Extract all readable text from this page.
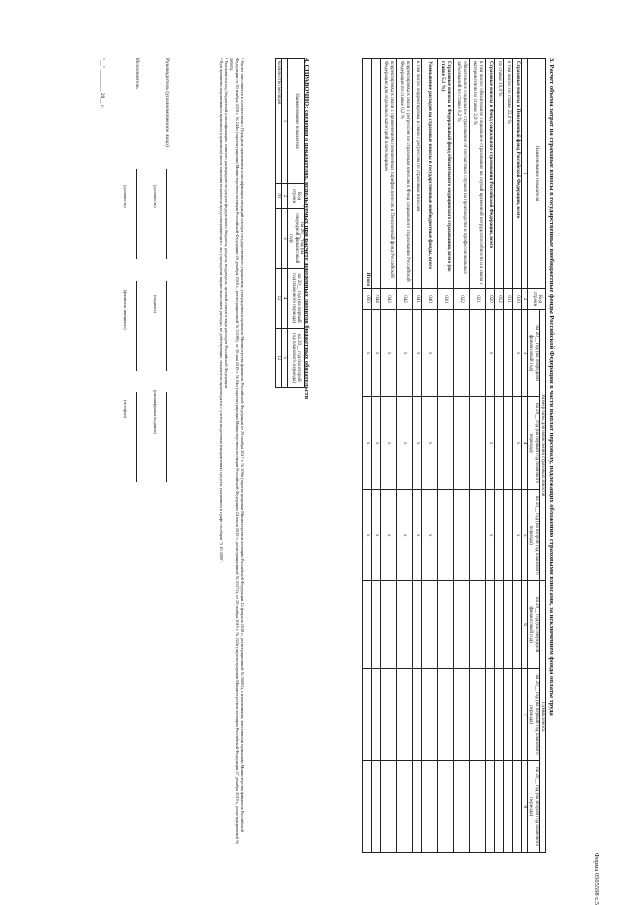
Форма 0505598 с.5
3. Расчет объема затрат на страховые взносы в государственные внебюджетные фонды Российской Федерации в части выплат персоналу, подлежащих обложению страховыми взносами, за исключением фонда оплаты труда
Наименование показателя	Код строки	Размер базы для начисления страховых взносов			Сумма взноса		
		на 20__ год (на очередной финансовый год)	на 20__ год (на первый год планового периода)	на 20__ год (на второй год планового периода)	на 20__ год (на очередной финансовый год)	на 20__ год (на первый год планового периода)	на 20__ год (на второй год планового периода)
1	2	3	4	5	6	7	8
Страховые взносы в Пенсионный фонд Российской Федерации, всего	010	x	x	x			
в том числе: по ставке 22,0 %	011						
по ставке 10,0 %	012						
Страховые взносы в Фонд социального страхования Российской Федерации, всего	020	x	x	x			
в том числе: обязательное социальное страхование на случай временной нетрудоспособности и в связи с материнством по ставке 2,9 %	021						
обязательное социальное страхование от несчастных случаев на производстве и профессиональных заболеваний по ставке 0,2 %	022						
Страховые взносы в Федеральный фонд обязательного медицинского страхования, всего (по ставке 5,1 %)	030						
Уменьшение расходов на страховые взносы в государственные внебюджетные фонды, всего	040	x	x	x			
в том числе: корректировка в связи с регрессом по страховым взносам	041	x	x	x			
корректировка в связи с регрессом по страховым взносам в Фонд социального страхования Российской Федерации по ставке 0,2 %	042	x	x	x			
корректировка в связи с применением пониженных тарифов взносов в Пенсионный фонд Российской Федерации для отдельных категорий плательщиков	043	x	x	x			
	044	x	x	x			
Итого	050	x	x	x			
4. СПРАВОЧНО: сведения о показателях, используемых при расчете доведенных лимитов бюджетных обязательств
Наименование показателя	Код строки	на 20__ год (на очередной финансовый год)	на 20__ год (на первый год планового периода)	на 20__ год (на второй год планового периода)
1	2	3	4	5
Количество месяцев	01		12	12
¹ Расчет заполняется в соответствии с Порядком применения классификации операций сектора государственного управления, утвержденным приказом Министерства финансов Российской Федерации от 29 ноября 2017 г. № 209н (зарегистрирован Министерством юстиции Российской Федерации 12 февраля 2018 г., регистрационный № 50003), с изменениями, внесенными приказами Министерства финансов Российской Федерации от 30 ноября 2018 г. № 244н (зарегистрирован Министерством юстиции Российской Федерации 26 декабря 2018 г., регистрационный № 53188), от 30 мая 2019 г. № 84н (зарегистрирован Министерством юстиции Российской Федерации 24 июля 2019 г., регистрационный № 55372), от 29 ноября 2019 г. № 222н (зарегистрирован Министерством юстиции Российской Федерации 27 декабря 2019 г., регистрационный № 56985).
² Указывается код бюджетной классификации: главного распорядителя средств федерального бюджета, раздела, подраздела, целевой статьи и вида расходов Российской Федерации.
³ При принятии нормативным правовым (правовым) актом значения показателя предусматривающего, что учреждение вправе выполнять расходы, не действующие, показатели производятся с учетом выделения (направления) средств, указанным в графе столбцов "5 10 2009".
Руководитель (уполномоченное лицо)
(должность)
(подпись)
(расшифровка подписи)
Исполнитель
(должность)
(фамилия, инициалы)
(телефон)
"__" ________ 20__ г.
